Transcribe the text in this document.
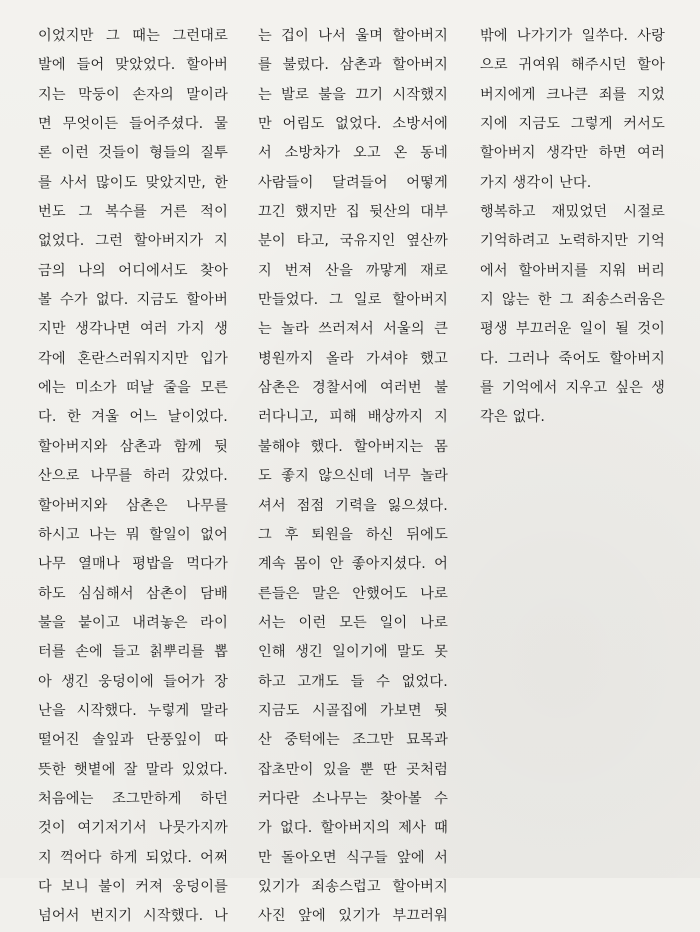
이었지만 그 때는 그런대로
발에 들어 맞았었다. 할아버
지는 막둥이 손자의 말이라
면 무엇이든 들어주셨다. 물
론 이런 것들이 형들의 질투
를 사서 많이도 맞았지만, 한
번도 그 복수를 거른 적이
없었다. 그런 할아버지가 지
금의 나의 어디에서도 찾아
볼 수가 없다. 지금도 할아버
지만 생각나면 여러 가지 생
각에 혼란스러워지지만 입가
에는 미소가 떠날 줄을 모른
다. 한 겨울 어느 날이었다.
할아버지와 삼촌과 함께 뒷
산으로 나무를 하러 갔었다.
할아버지와 삼촌은 나무를
하시고 나는 뭐 할일이 없어
나무 열매나 평밥을 먹다가
하도 심심해서 삼촌이 담배
불을 붙이고 내려놓은 라이
터를 손에 들고 칡뿌리를 뽑
아 생긴 웅덩이에 들어가 장
난을 시작했다. 누렇게 말라
떨어진 솔잎과 단풍잎이 따
뜻한 햇볕에 잘 말라 있었다.
처음에는 조그만하게 하던
것이 여기저기서 나뭇가지까
지 꺽어다 하게 되었다. 어쩌
다 보니 불이 커져 웅덩이를
넘어서 번지기 시작했다. 나
는 겁이 나서 울며 할아버지
를 불렀다. 삼촌과 할아버지
는 발로 불을 끄기 시작했지
만 어림도 없었다. 소방서에
서 소방차가 오고 온 동네
사람들이 달려들어 어떻게
끄긴 했지만 집 뒷산의 대부
분이 타고, 국유지인 옆산까
지 번져 산을 까맣게 재로
만들었다. 그 일로 할아버지
는 놀라 쓰러져서 서울의 큰
병원까지 올라 가셔야 했고
삼촌은 경찰서에 여러번 불
러다니고, 피해 배상까지 지
불해야 했다. 할아버지는 몸
도 좋지 않으신데 너무 놀라
셔서 점점 기력을 잃으셨다.
그 후 퇴원을 하신 뒤에도
계속 몸이 안 좋아지셨다. 어
른들은 말은 안했어도 나로
서는 이런 모든 일이 나로
인해 생긴 일이기에 말도 못
하고 고개도 들 수 없었다.
지금도 시골집에 가보면 뒷
산 중턱에는 조그만 묘목과
잡초만이 있을 뿐 딴 곳처럼
커다란 소나무는 찾아볼 수
가 없다. 할아버지의 제사 때
만 돌아오면 식구들 앞에 서
있기가 죄송스럽고 할아버지
사진 앞에 있기가 부끄러워
밖에 나가기가 일쑤다. 사랑
으로 귀여워 해주시던 할아
버지에게 크나큰 죄를 지었
지에 지금도 그렇게 커서도
할아버지 생각만 하면 여러
가지 생각이 난다.
행복하고 재밌었던 시절로
기억하려고 노력하지만 기억
에서 할아버지를 지워 버리
지 않는 한 그 죄송스러움은
평생 부끄러운 일이 될 것이
다. 그러나 죽어도 할아버지
를 기억에서 지우고 싶은 생
각은 없다.
